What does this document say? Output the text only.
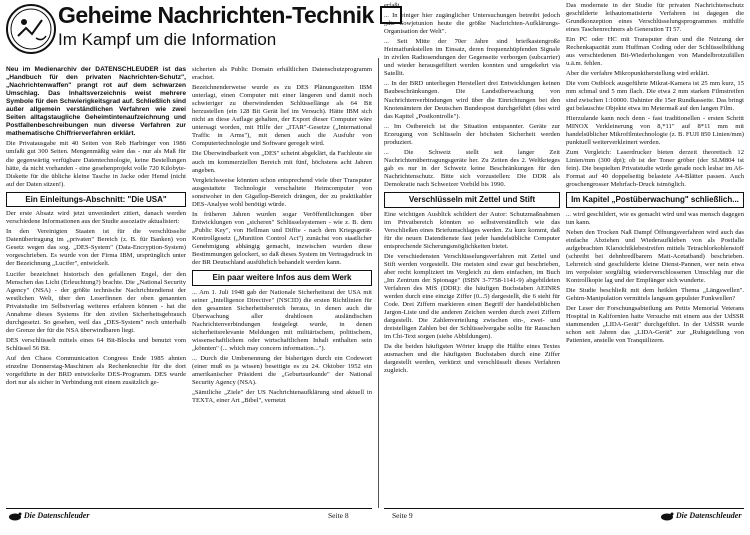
Geheime Nachrichten-Technik
Im Kampf um die Information

Neu im Medienarchiv der DATENSCHLEUDER ist das „Handbuch für den privaten Nachrichten-Schutz", „Nachrichtenwaffen" prangt rot auf dem schwarzen Umschlag. Das Inhaltsverzeichnis weist mehrere Symbole für den Schwierigkeitsgrad auf. Schließlich sind außer allgemein verständlichen Verfahren wie zwei Seiten alltagstaugliche Geheimtintenaufzeichnung und Postfallenbeschreibungen nun diverse Verfahren zur mathematische Chiffrierverfahren erklärt.

Die Privatausgabe mit 40 Seiten von Reb Harbinger von 1986 umfaßt gut 300 Seiten. Mengenmäßig wäre das - nur als Maß für die gegenwärtig verfügbare Datentechnologie, keine Bestellungen hätte, da nicht vorhanden - eine gesehenprojekt volle 720 Kilobyte-Diskette für die übliche kleine Tasche in Jacke oder Hemd (nicht auf der Daten sitzen!).

Ein Einleitungs-Abschnitt: "Die USA"

Der erste Absatz wird jetzt unverändert zitiert, danach werden verschiedene Informationen aus der Studie assoziativ aktualisiert:

In den Vereinigten Staaten ist für die verschlüsselte Datenübertragung im „privaten" Bereich (z. B. für Banken) von Gesetz wegen das sog. „DES-System" (Data-Encryption-System) vorgeschrieben. Es wurde von der Firma IBM, ursprünglich unter der Bezeichnung „Lucifer", entwickelt.

Lucifer bezeichnet historisch den gefallenen Engel, der den Menschen das Licht (Erleuchtung?) brachte. Die „National Security Agency" (NSA) - der größte technische Nachrichtendienst der westlichen Welt, über den Leserfinnen der oben genannten Privatstudie im Selbstverlag weiteres erfahren können - hat die Annahme dieses Systems für den zivilen Sicherheitsgebrauch durchgesetzt. So gesehen, weil das „DES-System" noch unterhalb der Grenze der für die NSA überwindbaren liegt.

DES verschlüsselt mittels eines 64 Bit-Blocks und benutzt vom Schlüssel 56 Bit.

Auf den Chaos Communication Congress Ende 1985 ahnten einzelne Donnerstag-Maschinen als Rechenknechte für die dort vorgeführte in der BRD entwickelte DES-Programm. DES wurde dort nur als sicher in Verbindung mit einem zusätzlich ge-

sicherten als Public Domain erhältlichen Datenschutzprogramm erachtet.

Bezeichnenderweise wurde es zu DES Plänungszeiten IBM unterlagt, einen Computer mit einer längeren und damit noch schwieriger zu überwindenden Schlüssellänge als 64 Bit herzustellen (ein 128 Bit Gerät lief im Versuch). Hätte IBM sich nicht an diese Auflage gehalten, der Export dieser Computer wäre untersagt worden, mit Hilfe der „ITAR"-Gesetze („International Traffic in Arms"), mit denen auch die Ausfuhr von Computertechnologie und Software geregelt wird.

Die Überwindbarkeit von „DES" scheint abgeklärt, da Fachleute sie auch im kommerziellen Bereich mit fünf, höchstens acht Jahren angeben.

Vergleichsweise könnten schon entsprechend viele über Transputer ausgestattete Technologie verschaltete Heimcomputer von sonstwoher in den Gigaflop-Bereich drängen, der zu praktikabler DES-Analyse wohl benötigt würde.

In früheren Jahren wurden sogar Veröffentlichungen über Entwicklungen von „sicheren" Schlüsselsystemen - wie z. B. dem „Public Key", von Hellman und Diffie - nach dem Kriegsgerät-Kontrollgesetz („Munition Control Act") zunächst von staatlicher Genehmigung abhängig gemacht, inzwischen wurden diese Bestimmungen gelockert, so daß dieses System im Vertragsdruck in der BR Deutschland ausführlich behandelt werden kann.

Ein paar weitere Infos aus dem Werk

... Am 1. Juli 1948 gab der Nationale Sicherheitsrat der USA mit seiner „Intelligence Directive" (NSCID) die ersten Richtlinien für den gesamten Sicherheitsbereich heraus, in denen auch die Überwachung aller drahtlosen ausländischen Nachrichtenverbindungen festgelegt wurde, in denen sicherheitsrelevante Meldungen mit militärischem, politischem, wissenschaftlichem oder wirtschaftlichem Inhalt enthalten sein „könnten" (... which may concern information...").

... Durch die Umbenennung der bisherigen durch ein Codewort (einer muß es ja wissen) beseitigte es zu 24. Oktober 1952 ein amerikanischer Präsident die „Geburtsurkunde" der National Security Agency (NSA).

„Sämtliche „Ziele" der US Nachrichtenaufklärung sind aktuell in TEXTA, einer Art „Bibel", vernetzt

erfaßt.

... In einiger hier zugänglicher Untersuchungen betreibt jedoch „die Sowjetunion heute die größte Nachrichten-Aufklärungs-Organisation der Welt".

... Seit Mitte der 70er Jahre sind briefkastengroße Heimatfunkstellen im Einsatz, deren frequenzhüpfenden Signale in zivilen Radiosendungen der Gegenseite verborgen (subcarrier) und wieder herausgefiltert werden konnten und umgekehrt via Satellit.

... In der BRD unterliegen Herstellert drei Entwicklungen keinen Baubeschränkungen. Die Landsüberwachung von Nachrichtenverbindungen wird über die Einrichtungen bei den Knotenämtern der Deutschen Bundespost durchgeführt (dies wird das Kapitel „Postkontrolle").

... Im Ostbereich ist die Situation entspannter. Geräte zur Erzeugung von Schlüsseln der höchsten Sicherheit werden produziert.

... Die Schweiz stellt seit langer Zeit Nachrichtenübertragungsgeräte her. Zu Zeiten des 2. Weltkrieges gab es nur in der Schweiz keine Beschränkungen für den Nachrichtenschutz. Bitte sich vorzustellen: Die DDR als Demokratie nach Schweizer Vorbild bis 1990.

Verschlüsseln mit Zettel und Stift

Eine wichtigen Ausblick schildert der Autor: Schutzmaßnahmen im Privatbereich könnten so selbstverständlich wie das Verschließen eines Briefumschlages werden. Zu kurz kommt, daß für die neuen Datendienste fast jeder handelsübliche Computer entsprechende Sicherungsmöglichkeiten bietet.

Die verschiedensten Verschlüsselungsverfahren mit Zettel und Stift werden vorgestellt. Die meisten sind zwar gut beschrieben, aber recht kompliziert im Vergleich zu dem einfachen, im Buch „Im Zentrum der Spionage" (ISBN 3-7758-1141-9) abgebildeten Verfahren des MfS (DDR): die häufigen Buchstaben AEINRS werden durch eine einzige Ziffer (0...5) dargestellt, die 6 steht für Code. Drei Ziffern markieren einen Begriff der handelsüblichen Jargon-Liste und die anderen Zeichen werden durch zwei Ziffern dargestellt. Die Zahlenverteilung zwischen ein-, zwei- und dreistelligen Zahlen bei der Schlüsselvergabe sollte für Rauschen im Chi-Text sorgen (siehe Abbildungen).

Da die beiden häufigsten Wörter knapp die Hälfte eines Textes ausmachen und die häufigsten Buchstaben durch eine Ziffer dargestellt werden, verkürzt und verschlüsselt dieses Verfahren zugleich.

Das modernste in der Studie für privaten Nachrichtenschutz geschilderte leihautomatisierte Verfahren ist dagegen die Grundkonzeption eines Verschlüsselungsprogrammes mithilfe eines Taschenrechners ab Generation TI 57.

Ein PC oder HC mit Transputer dran und die Nutzung der Rechenkapazität zum Huffman Coding oder der Schlüsselbildung aus verschiedenen Bit-Wiederholungen von Mandelbrotzufällen u.ä.m. fehlen.

Aber die verfahre Mikropunktherstellung wird erklärt.

Die vom Ostblock ausgeführte Mikrat-Kamera ist 25 mm kurz, 15 mm schmal und 5 mm flach. Die etwa 2 mm starken Filmstreifen sind zwischen 1:10000. Dahinter die 15er Rundkassette. Das bringt gut belauschte Objekte etwa im Metermaß auf den langen Film.

Hierzulande kann noch denn - fast traditionellen - ersten Schritt MINOX Verkleinerung von 8,*11" auf 8*11 mm mit handelsüblicher Mikrofilmtechnologie (z. B. FUJI 850 Linien/mm) punktuell weiterverkleinert werden.

Zum Vergleich: Laserdrucker bieten derzeit theoretisch 12 Linien/mm (300 dpi); ob ist der Toner gröber (der SLM804 ist fein). Die bespielten Privatstudie würde gerade noch lesbar im A6-Format auf 40 doppelseitig belastete A4-Blätter passen. Auch groschengrosser Mehrfach-Druck istmöglich.

Im Kapitel „Postüberwachung" schließlich...

... wird geschildert, wie es gemacht wird und was mensch dagegen tun kann.

Neben den Trocken Naß Dampf Öffnungsverfahren wird auch das einfache Abziehen und Wiederaufkleben von als Postfalle aufgebrachten Klarsichtklebestreifen mittels Tetrachlorkohlenstoff (schreibt bei dehnbredlbarem Matt-Acetatband) beschrieben. Lehrreich sind geschilderte kleine Dienst-Pannen, wer nein etwa im verpolster sorgfältig wiederverschlossenen Umschlag nur die Kontrollkopie lag und der Empfänger sich wunderte.

Die Studie beschließt mit dem heiklen Thema „Längswellen". Gehirn-Manipulation vermittels langsam gepulster Funkwellen?

Der Leser der Forschungsabteilung am Pettis Memorial Veterans Hospital in Kalifornien hatte Versuche mit einem aus der UdSSR stammenden „LIDA-Gerät" durchgeführt. In der UdSSR wurde schon seit Jahren das „LIDA-Gerät" zur „Ruhigstellung von Patienten, anstelle von Tranquilizern.

Die Datenschleuder	Seite 8	Seite 9	Die Datenschleuder
